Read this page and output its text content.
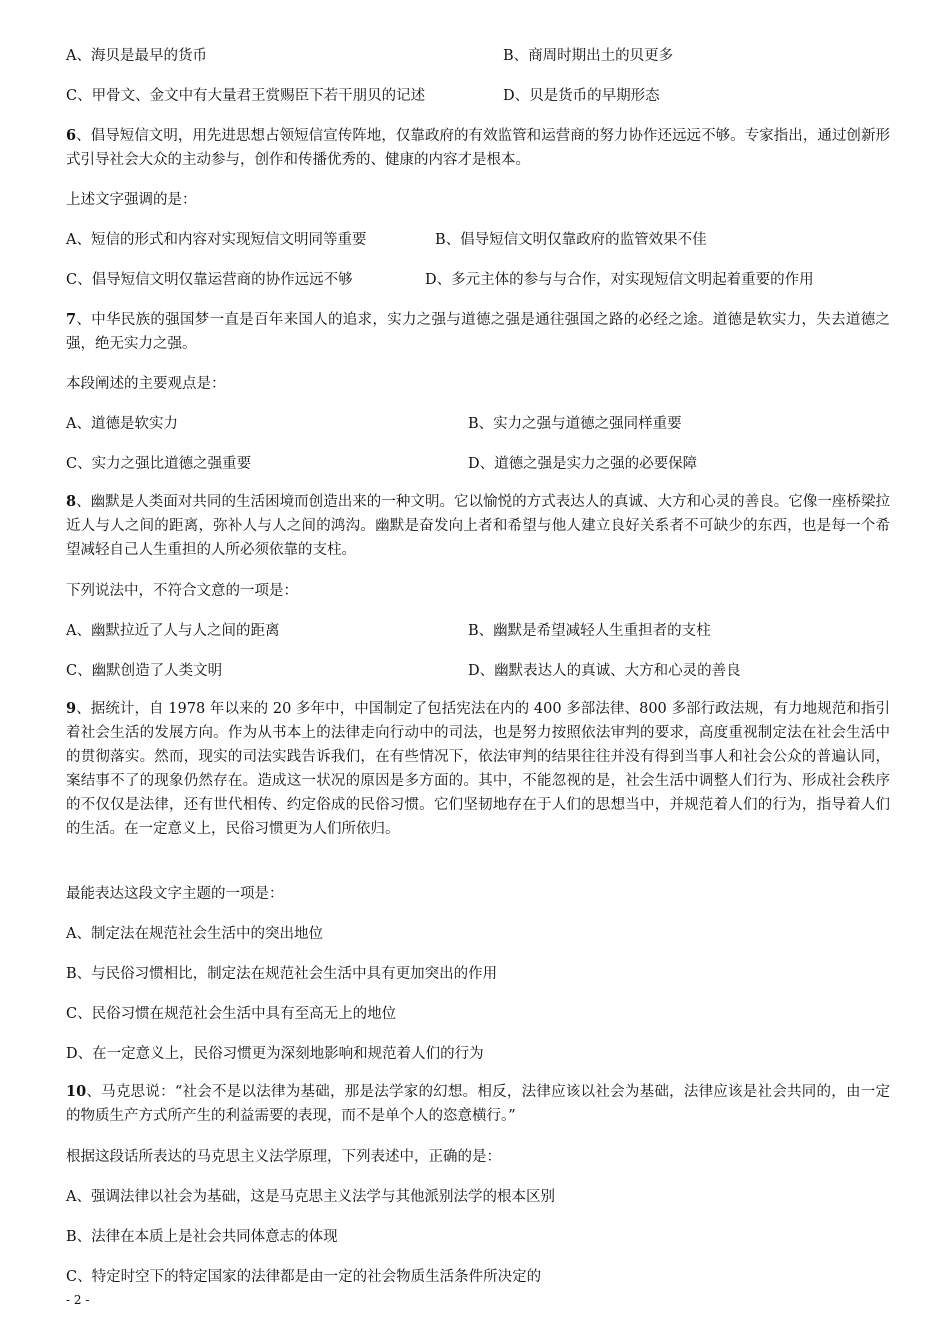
A、海贝是最早的货币	B、商周时期出土的贝更多
C、甲骨文、金文中有大量君王赏赐臣下若干朋贝的记述	D、贝是货币的早期形态
6、倡导短信文明，用先进思想占领短信宣传阵地，仅靠政府的有效监管和运营商的努力协作还远远不够。专家指出，通过创新形式引导社会大众的主动参与，创作和传播优秀的、健康的内容才是根本。
上述文字强调的是：
A、短信的形式和内容对实现短信文明同等重要	B、倡导短信文明仅靠政府的监管效果不佳
C、倡导短信文明仅靠运营商的协作远远不够	D、多元主体的参与与合作，对实现短信文明起着重要的作用
7、中华民族的强国梦一直是百年来国人的追求，实力之强与道德之强是通往强国之路的必经之途。道德是软实力，失去道德之强，绝无实力之强。
本段阐述的主要观点是：
A、道德是软实力	B、实力之强与道德之强同样重要
C、实力之强比道德之强重要	D、道德之强是实力之强的必要保障
8、幽默是人类面对共同的生活困境而创造出来的一种文明。它以愉悦的方式表达人的真诚、大方和心灵的善良。它像一座桥梁拉近人与人之间的距离，弥补人与人之间的鸿沟。幽默是奋发向上者和希望与他人建立良好关系者不可缺少的东西，也是每一个希望减轻自己人生重担的人所必须依靠的支柱。
下列说法中，不符合文意的一项是：
A、幽默拉近了人与人之间的距离	B、幽默是希望减轻人生重担者的支柱
C、幽默创造了人类文明	D、幽默表达人的真诚、大方和心灵的善良
9、据统计，自 1978 年以来的 20 多年中，中国制定了包括宪法在内的 400 多部法律、800 多部行政法规，有力地规范和指引着社会生活的发展方向。作为从书本上的法律走向行动中的司法，也是努力按照依法审判的要求，高度重视制定法在社会生活中的贯彻落实。然而，现实的司法实践告诉我们，在有些情况下，依法审判的结果往往并没有得到当事人和社会公众的普遍认同，案结事不了的现象仍然存在。造成这一状况的原因是多方面的。其中，不能忽视的是，社会生活中调整人们行为、形成社会秩序的不仅仅是法律，还有世代相传、约定俗成的民俗习惯。它们坚韧地存在于人们的思想当中，并规范着人们的行为，指导着人们的生活。在一定意义上，民俗习惯更为人们所依归。
最能表达这段文字主题的一项是：
A、制定法在规范社会生活中的突出地位
B、与民俗习惯相比，制定法在规范社会生活中具有更加突出的作用
C、民俗习惯在规范社会生活中具有至高无上的地位
D、在一定意义上，民俗习惯更为深刻地影响和规范着人们的行为
10、马克思说：“社会不是以法律为基础，那是法学家的幻想。相反，法律应该以社会为基础，法律应该是社会共同的，由一定的物质生产方式所产生的利益需要的表现，而不是单个人的恣意横行。”
根据这段话所表达的马克思主义法学原理，下列表述中，正确的是：
A、强调法律以社会为基础，这是马克思主义法学与其他派别法学的根本区别
B、法律在本质上是社会共同体意志的体现
C、特定时空下的特定国家的法律都是由一定的社会物质生活条件所决定的
- 2 -
